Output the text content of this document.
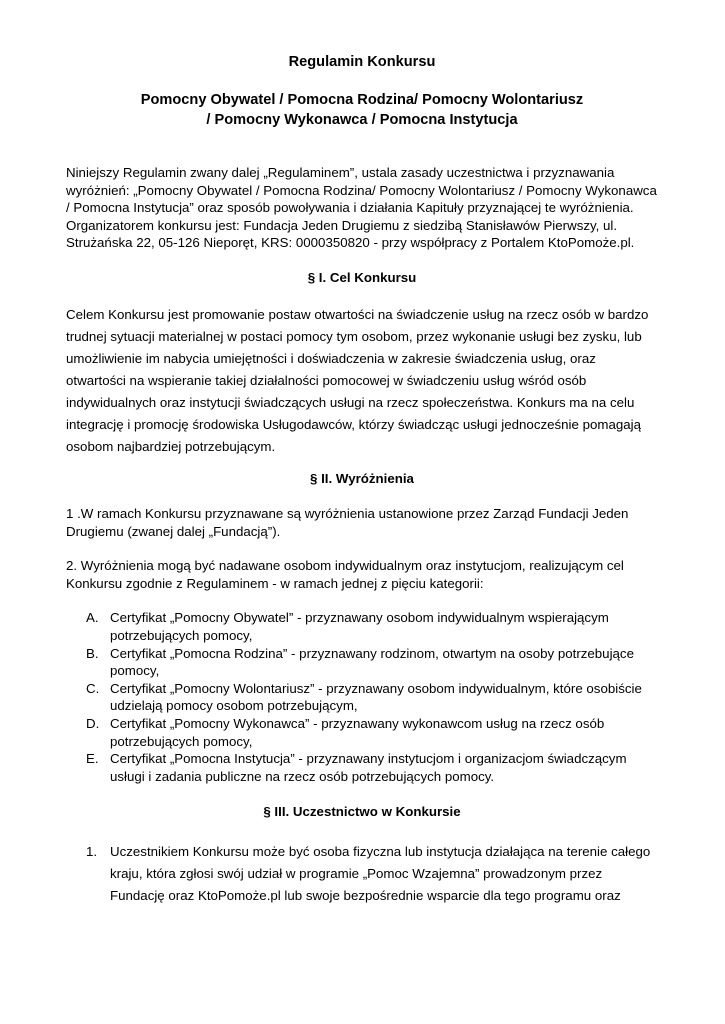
Regulamin Konkursu
Pomocny Obywatel / Pomocna Rodzina/ Pomocny Wolontariusz
/ Pomocny Wykonawca / Pomocna Instytucja

Niniejszy Regulamin zwany dalej „Regulaminem”, ustala zasady uczestnictwa i przyznawania wyróżnień: „Pomocny Obywatel / Pomocna Rodzina/ Pomocny Wolontariusz / Pomocny Wykonawca / Pomocna Instytucja” oraz sposób powoływania i działania Kapituły przyznającej te wyróżnienia. Organizatorem konkursu jest: Fundacja Jeden Drugiemu z siedzibą Stanisławów Pierwszy, ul. Strużańska 22, 05-126 Nieporęt, KRS: 0000350820 - przy współpracy z Portalem KtoPomoże.pl.

§ I. Cel Konkursu

Celem Konkursu jest promowanie postaw otwartości na świadczenie usług na rzecz osób w bardzo trudnej sytuacji materialnej w postaci pomocy tym osobom, przez wykonanie usługi bez zysku, lub umożliwienie im nabycia umiejętności i doświadczenia w zakresie świadczenia usług, oraz otwartości na wspieranie takiej działalności pomocowej w świadczeniu usług wśród osób indywidualnych oraz instytucji świadczących usługi na rzecz społeczeństwa. Konkurs ma na celu integrację i promocję środowiska Usługodawców, którzy świadcząc usługi jednocześnie pomagają osobom najbardziej potrzebującym.

§ II. Wyróżnienia

1 .W ramach Konkursu przyznawane są wyróżnienia ustanowione przez Zarząd Fundacji Jeden Drugiemu (zwanej dalej „Fundacją”).

2. Wyróżnienia mogą być nadawane osobom indywidualnym oraz instytucjom, realizującym cel Konkursu zgodnie z Regulaminem - w ramach jednej z pięciu kategorii:

A. Certyfikat „Pomocny Obywatel” - przyznawany osobom indywidualnym wspierającym potrzebujących pomocy,
B. Certyfikat „Pomocna Rodzina” - przyznawany rodzinom, otwartym na osoby potrzebujące pomocy,
C. Certyfikat „Pomocny Wolontariusz” - przyznawany osobom indywidualnym, które osobiście udzielają pomocy osobom potrzebującym,
D. Certyfikat „Pomocny Wykonawca” - przyznawany wykonawcom usług na rzecz osób potrzebujących pomocy,
E. Certyfikat „Pomocna Instytucja” - przyznawany instytucjom i organizacjom świadczącym usługi i zadania publiczne na rzecz osób potrzebujących pomocy.
§ III. Uczestnictwo w Konkursie
1. Uczestnikiem Konkursu może być osoba fizyczna lub instytucja działająca na terenie całego kraju, która zgłosi swój udział w programie „Pomoc Wzajemna” prowadzonym przez Fundację oraz KtoPomoże.pl lub swoje bezpośrednie wsparcie dla tego programu oraz
